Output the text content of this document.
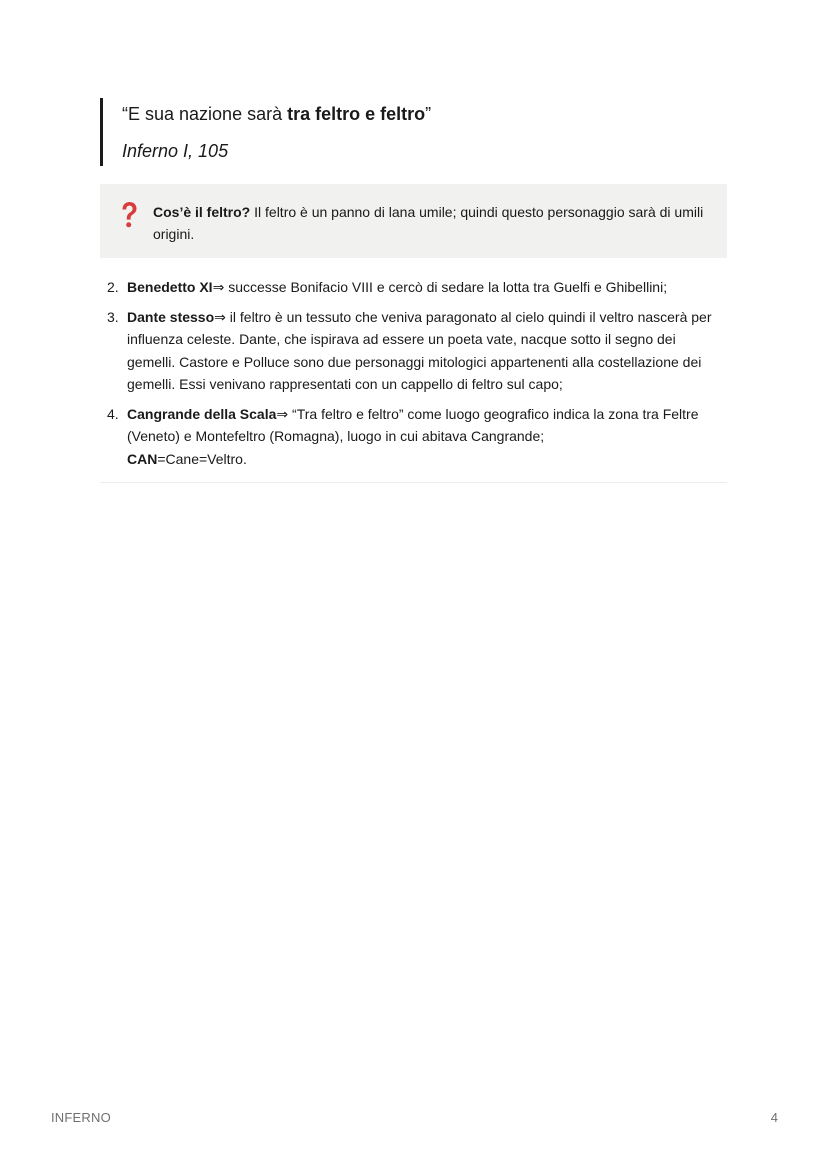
“E sua nazione sarà tra feltro e feltro”
Inferno I, 105
Cos’è il feltro? Il feltro è un panno di lana umile; quindi questo personaggio sarà di umili origini.
2. Benedetto XI⇒ successe Bonifacio VIII e cercò di sedare la lotta tra Guelfi e Ghibellini;
3. Dante stesso⇒ il feltro è un tessuto che veniva paragonato al cielo quindi il veltro nascerà per influenza celeste. Dante, che ispirava ad essere un poeta vate, nacque sotto il segno dei gemelli. Castore e Polluce sono due personaggi mitologici appartenenti alla costellazione dei gemelli. Essi venivano rappresentati con un cappello di feltro sul capo;
4. Cangrande della Scala⇒ “Tra feltro e feltro” come luogo geografico indica la zona tra Feltre (Veneto) e Montefeltro (Romagna), luogo in cui abitava Cangrande;
CAN=Cane=Veltro.
INFERNO	4
